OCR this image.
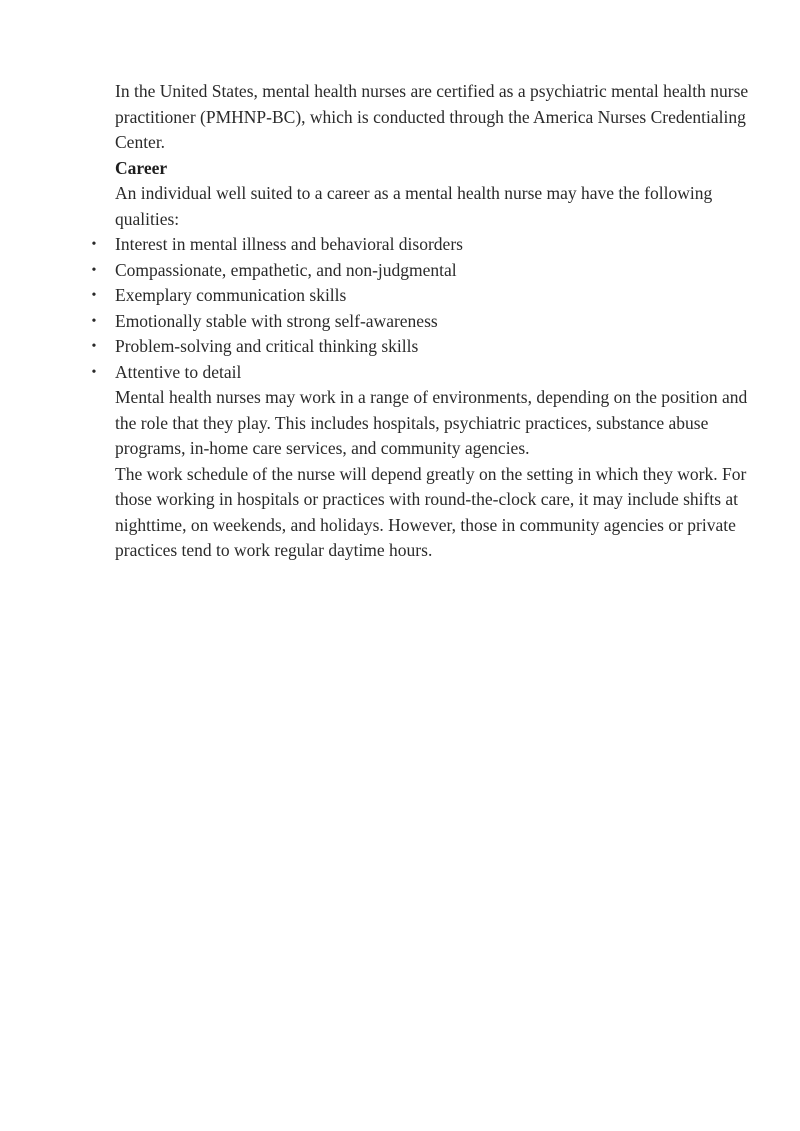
In the United States, mental health nurses are certified as a psychiatric mental health nurse practitioner (PMHNP-BC), which is conducted through the America Nurses Credentialing Center.

Career

An individual well suited to a career as a mental health nurse may have the following qualities:

• Interest in mental illness and behavioral disorders
• Compassionate, empathetic, and non-judgmental
• Exemplary communication skills
• Emotionally stable with strong self-awareness
• Problem-solving and critical thinking skills
• Attentive to detail

Mental health nurses may work in a range of environments, depending on the position and the role that they play. This includes hospitals, psychiatric practices, substance abuse programs, in-home care services, and community agencies.

The work schedule of the nurse will depend greatly on the setting in which they work. For those working in hospitals or practices with round-the-clock care, it may include shifts at nighttime, on weekends, and holidays. However, those in community agencies or private practices tend to work regular daytime hours.
